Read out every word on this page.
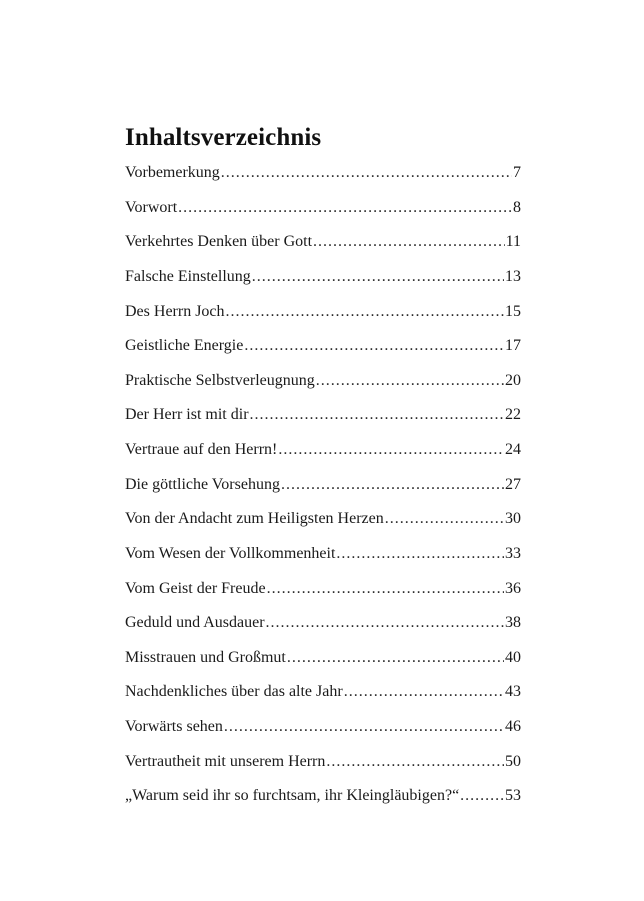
Inhaltsverzeichnis
Vorbemerkung .....	7
Vorwort .....	8
Verkehrtes Denken über Gott .....	11
Falsche Einstellung .....	13
Des Herrn Joch .....	15
Geistliche Energie .....	17
Praktische Selbstverleugnung .....	20
Der Herr ist mit dir .....	22
Vertraue auf den Herrn! .....	24
Die göttliche Vorsehung .....	27
Von der Andacht zum Heiligsten Herzen .....	30
Vom Wesen der Vollkommenheit .....	33
Vom Geist der Freude .....	36
Geduld und Ausdauer .....	38
Misstrauen und Großmut .....	40
Nachdenkliches über das alte Jahr .....	43
Vorwärts sehen .....	46
Vertrautheit mit unserem Herrn .....	50
„Warum seid ihr so furchtsam, ihr Kleingläubigen?“ .....	53
